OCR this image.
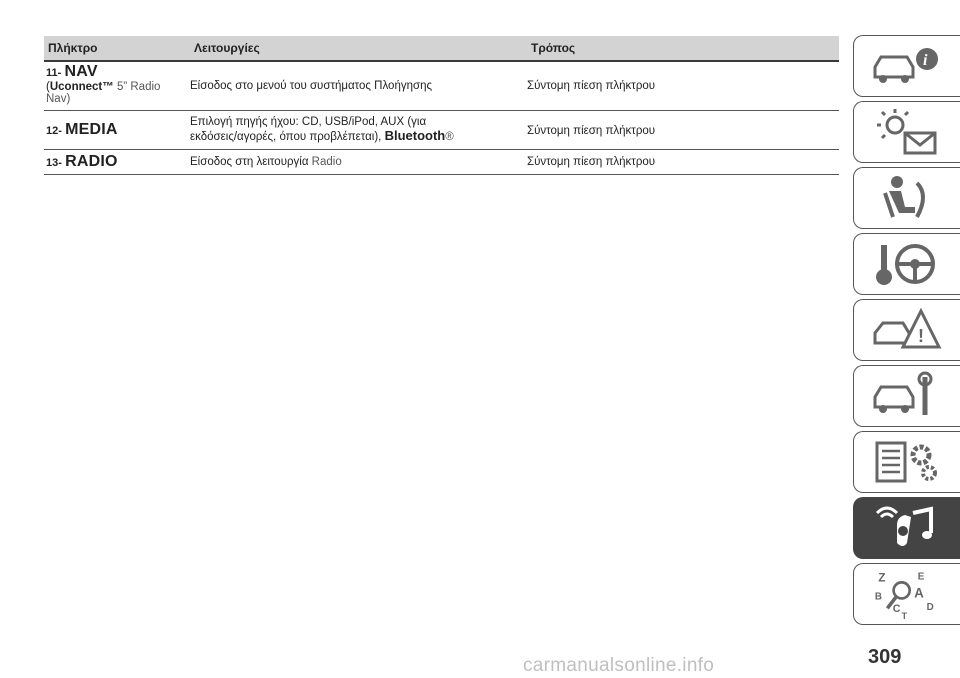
Πλήκτρο	Λειτουργίες	Τρόπος
11- NAV
(Uconnect™ 5” Radio
Nav)
Είσοδος στο μενού του συστήματος Πλοήγησης	Σύντομη πίεση πλήκτρου
12- MEDIA	Επιλογή πηγής ήχου: CD, USB/iPod, AUX (για
εκδόσεις/αγορές, όπου προβλέπεται), Bluetooth®	Σύντομη πίεση πλήκτρου
13- RADIO	Είσοδος στη λειτουργία Radio	Σύντομη πίεση πλήκτρου
i
!
Z	E
B A
C D
T
309
carmanualsonline.info
